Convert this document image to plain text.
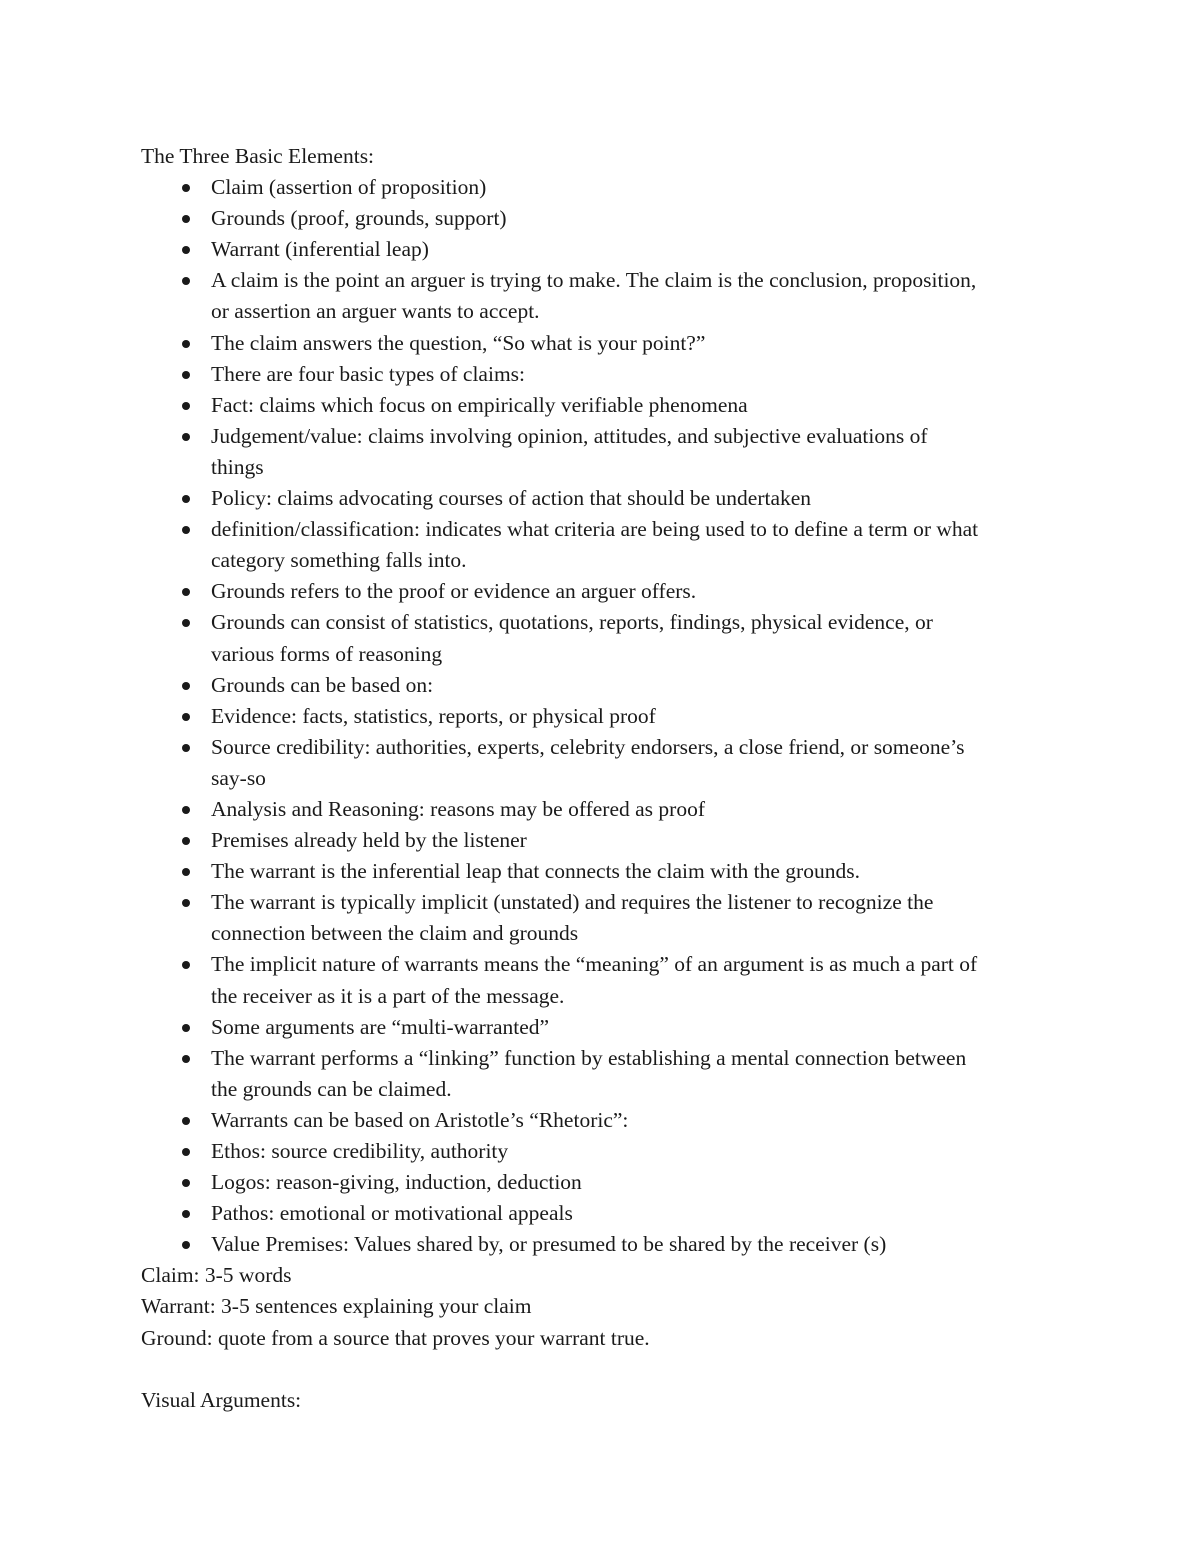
The Three Basic Elements:

Claim (assertion of proposition)
Grounds (proof, grounds, support)
Warrant (inferential leap)
A claim is the point an arguer is trying to make. The claim is the conclusion, proposition,
or assertion an arguer wants to accept.
The claim answers the question, “So what is your point?”
There are four basic types of claims:
Fact: claims which focus on empirically verifiable phenomena
Judgement/value: claims involving opinion, attitudes, and subjective evaluations of
things
Policy: claims advocating courses of action that should be undertaken
definition/classification: indicates what criteria are being used to to define a term or what
category something falls into.
Grounds refers to the proof or evidence an arguer offers.
Grounds can consist of statistics, quotations, reports, findings, physical evidence, or
various forms of reasoning
Grounds can be based on:
Evidence: facts, statistics, reports, or physical proof
Source credibility: authorities, experts, celebrity endorsers, a close friend, or someone’s
say-so
Analysis and Reasoning: reasons may be offered as proof
Premises already held by the listener
The warrant is the inferential leap that connects the claim with the grounds.
The warrant is typically implicit (unstated) and requires the listener to recognize the
connection between the claim and grounds
The implicit nature of warrants means the “meaning” of an argument is as much a part of
the receiver as it is a part of the message.
Some arguments are “multi-warranted”
The warrant performs a “linking” function by establishing a mental connection between
the grounds can be claimed.
Warrants can be based on Aristotle’s “Rhetoric”:
Ethos: source credibility, authority
Logos: reason-giving, induction, deduction
Pathos: emotional or motivational appeals
Value Premises: Values shared by, or presumed to be shared by the receiver (s)

Claim: 3-5 words

Warrant: 3-5 sentences explaining your claim

Ground: quote from a source that proves your warrant true.

Visual Arguments:
